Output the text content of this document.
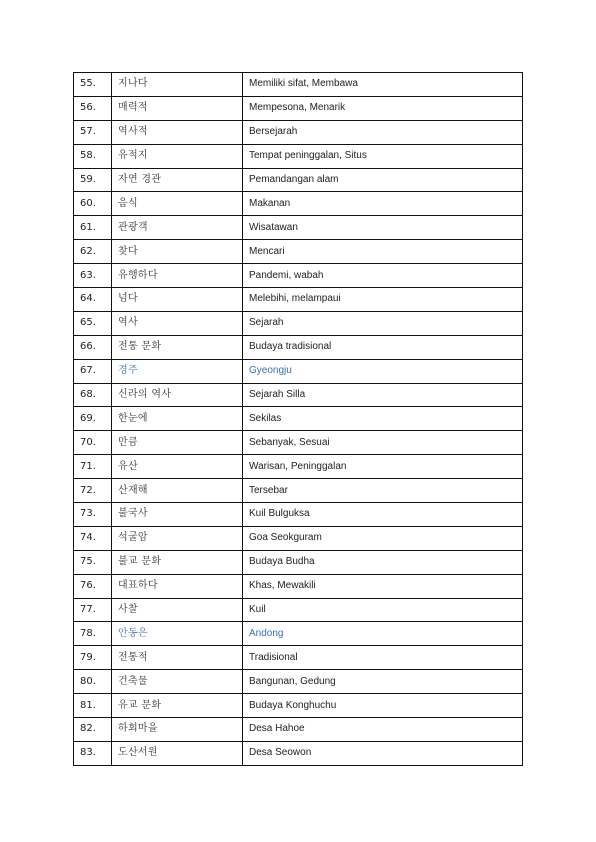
55.	지나다	Memiliki sifat, Membawa
56.	매력적	Mempesona, Menarik
57.	역사적	Bersejarah
58.	유적지	Tempat peninggalan, Situs
59.	자연 경관	Pemandangan alam
60.	음식	Makanan
61.	관광객	Wisatawan
62.	찾다	Mencari
63.	유행하다	Pandemi, wabah
64.	넘다	Melebihi, melampaui
65.	역사	Sejarah
66.	전통 문화	Budaya tradisional
67.	경주	Gyeongju
68.	신라의 역사	Sejarah Silla
69.	한눈에	Sekilas
70.	만큼	Sebanyak, Sesuai
71.	유산	Warisan, Peninggalan
72.	산재해	Tersebar
73.	불국사	Kuil Bulguksa
74.	석굴암	Goa Seokguram
75.	불교 문화	Budaya Budha
76.	대표하다	Khas, Mewakili
77.	사찰	Kuil
78.	안동은	Andong
79.	전통적	Tradisional
80.	건축물	Bangunan, Gedung
81.	유교 문화	Budaya Konghuchu
82.	하회마을	Desa Hahoe
83.	도산서원	Desa Seowon
